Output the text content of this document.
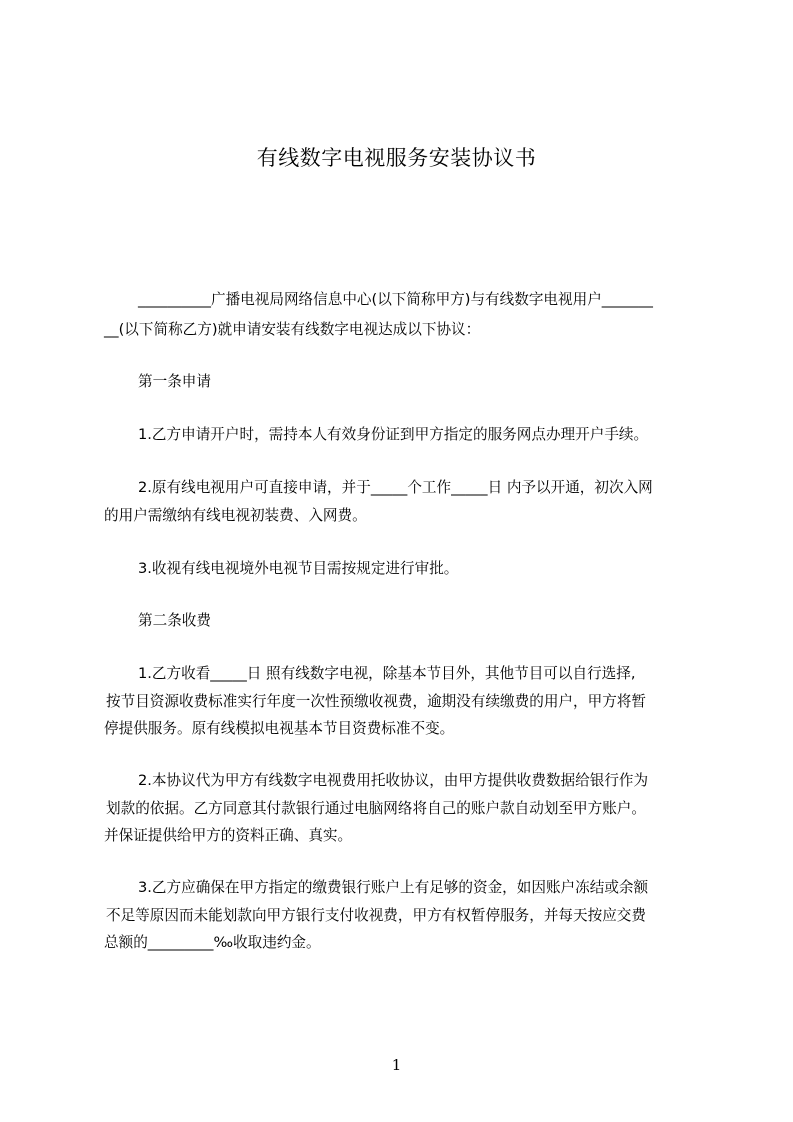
有线数字电视服务安装协议书

__________广播电视局网络信息中心(以下简称甲方)与有线数字电视用户_______

__(以下简称乙方)就申请安装有线数字电视达成以下协议：

第一条申请

1.乙方申请开户时，需持本人有效身份证到甲方指定的服务网点办理开户手续。

2.原有线电视用户可直接申请，并于_____个工作_____日 内予以开通，初次入网

的用户需缴纳有线电视初装费、入网费。

3.收视有线电视境外电视节目需按规定进行审批。

第二条收费

1.乙方收看_____日 照有线数字电视，除基本节目外，其他节目可以自行选择,

按节目资源收费标准实行年度一次性预缴收视费，逾期没有续缴费的用户，甲方将暂

停提供服务。原有线模拟电视基本节目资费标准不变。

2.本协议代为甲方有线数字电视费用托收协议，由甲方提供收费数据给银行作为

划款的依据。乙方同意其付款银行通过电脑网络将自己的账户款自动划至甲方账户。

并保证提供给甲方的资料正确、真实。

3.乙方应确保在甲方指定的缴费银行账户上有足够的资金，如因账户冻结或余额

不足等原因而未能划款向甲方银行支付收视费，甲方有权暂停服务，并每天按应交费

总额的_________‰收取违约金。

1
